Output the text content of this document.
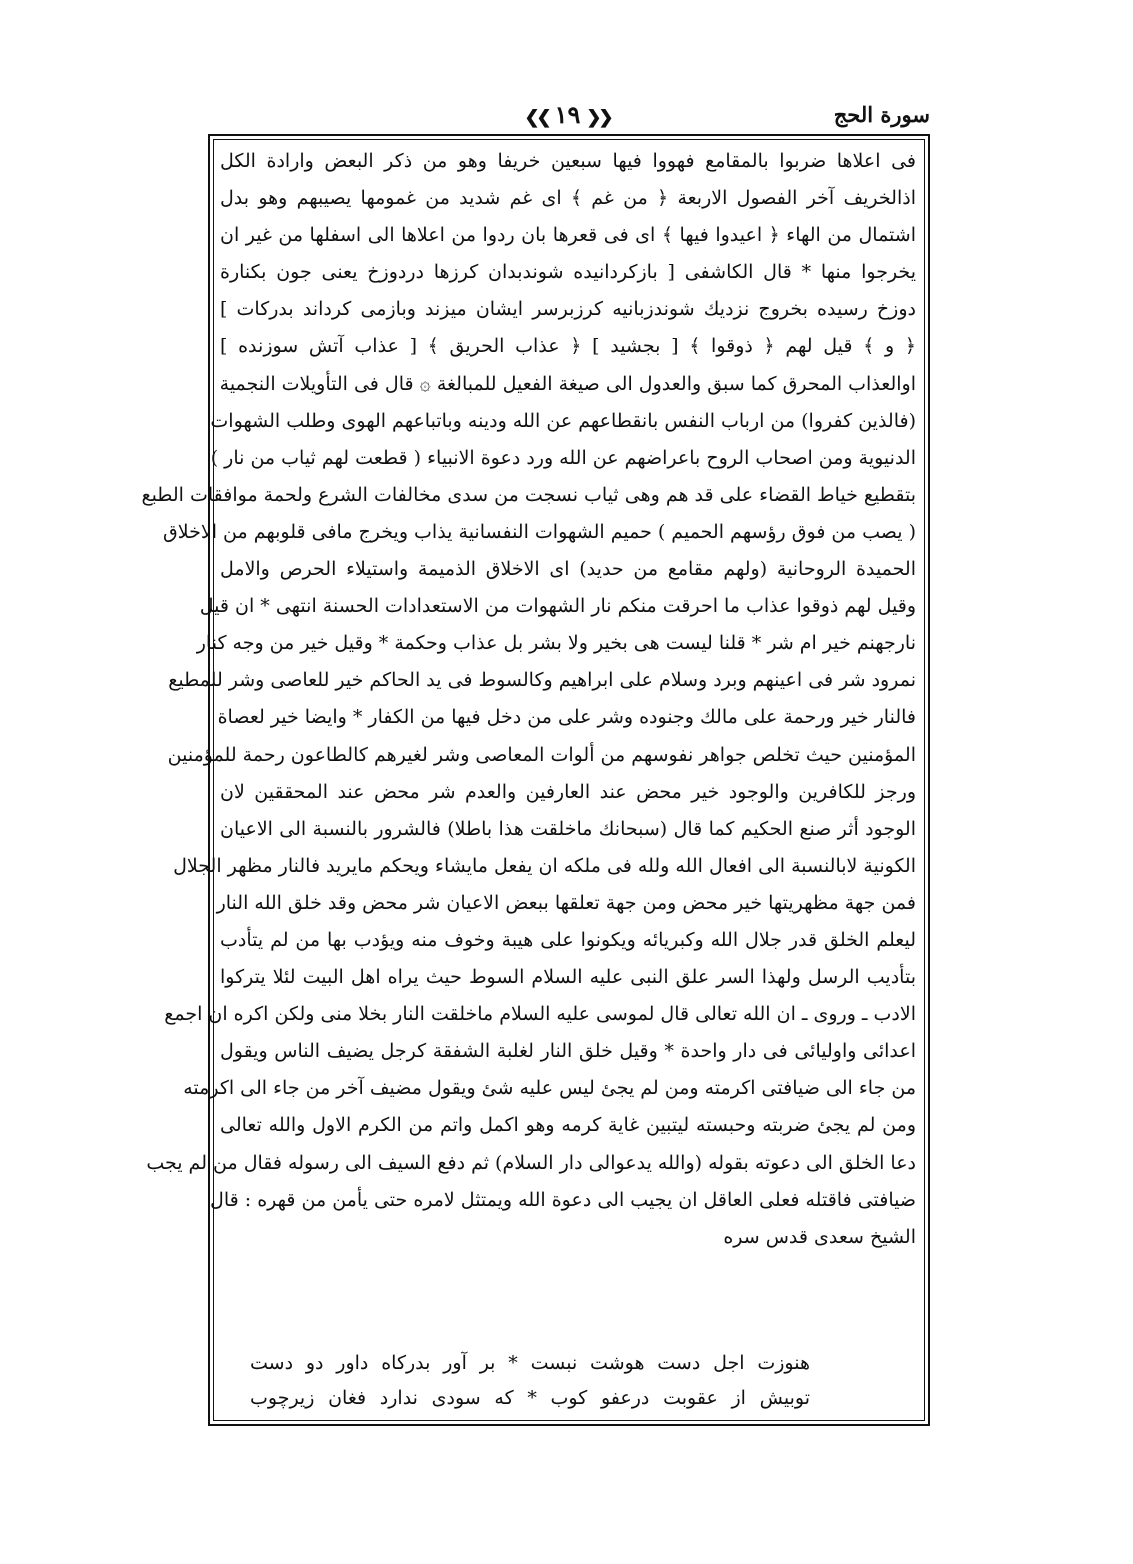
سورة الحج
❮❮ ١٩ ❯❯
فى اعلاها ضربوا بالمقامع فهووا فيها سبعين خريفا وهو من ذكر البعض وارادة الكل
اذالخريف آخر الفصول الاربعة ﴿ من غم ﴾ اى غم شديد من غمومها يصيبهم وهو بدل
اشتمال من الهاء ﴿ اعيدوا فيها ﴾ اى فى قعرها بان ردوا من اعلاها الى اسفلها من غير ان
يخرجوا منها * قال الكاشفى [ بازكردانيده شوندبدان كرزها دردوزخ يعنى جون بكنارة
دوزخ رسيده بخروج نزديك شوندزبانيه كرزبرسر ايشان ميزند وبازمى كرداند بدركات ]
﴿ و ﴾ قيل لهم ﴿ ذوقوا ﴾ [ بجشيد ] ﴿ عذاب الحريق ﴾ [ عذاب آتش سوزنده ]
اوالعذاب المحرق كما سبق والعدول الى صيغة الفعيل للمبالغة ۞ قال فى التأويلات النجمية
(فالذين كفروا) من ارباب النفس بانقطاعهم عن الله ودينه وباتباعهم الهوى وطلب الشهوات
الدنيوية ومن اصحاب الروح باعراضهم عن الله ورد دعوة الانبياء ( قطعت لهم ثياب من نار )
بتقطيع خياط القضاء على قد هم وهى ثياب نسجت من سدى مخالفات الشرع ولحمة موافقات الطبع
( يصب من فوق رؤسهم الحميم ) حميم الشهوات النفسانية يذاب ويخرج مافى قلوبهم من الاخلاق
الحميدة الروحانية (ولهم مقامع من حديد) اى الاخلاق الذميمة واستيلاء الحرص والامل
وقيل لهم ذوقوا عذاب ما احرقت منكم نار الشهوات من الاستعدادات الحسنة انتهى * ان قيل
نارجهنم خير ام شر * قلنا ليست هى بخير ولا بشر بل عذاب وحكمة * وقيل خير من وجه كنار
نمرود شر فى اعينهم وبرد وسلام على ابراهيم وكالسوط فى يد الحاكم خير للعاصى وشر للمطيع
فالنار خير ورحمة على مالك وجنوده وشر على من دخل فيها من الكفار * وايضا خير لعصاة
المؤمنين حيث تخلص جواهر نفوسهم من ألوات المعاصى وشر لغيرهم كالطاعون رحمة للمؤمنين
ورجز للكافرين والوجود خير محض عند العارفين والعدم شر محض عند المحققين لان
الوجود أثر صنع الحكيم كما قال (سبحانك ماخلقت هذا باطلا) فالشرور بالنسبة الى الاعيان
الكونية لابالنسبة الى افعال الله ولله فى ملكه ان يفعل مايشاء ويحكم مايريد فالنار مظهر الجلال
فمن جهة مظهريتها خير محض ومن جهة تعلقها ببعض الاعيان شر محض وقد خلق الله النار
ليعلم الخلق قدر جلال الله وكبريائه ويكونوا على هيبة وخوف منه ويؤدب بها من لم يتأدب
بتأديب الرسل ولهذا السر علق النبى عليه السلام السوط حيث يراه اهل البيت لئلا يتركوا
الادب ـ وروى ـ ان الله تعالى قال لموسى عليه السلام ماخلقت النار بخلا منى ولكن اكره ان اجمع
اعدائى واوليائى فى دار واحدة * وقيل خلق النار لغلبة الشفقة كرجل يضيف الناس ويقول
من جاء الى ضيافتى اكرمته ومن لم يجئ ليس عليه شئ ويقول مضيف آخر من جاء الى اكرمته
ومن لم يجئ ضربته وحبسته ليتبين غاية كرمه وهو اكمل واتم من الكرم الاول والله تعالى
دعا الخلق الى دعوته بقوله (والله يدعوالى دار السلام) ثم دفع السيف الى رسوله فقال من لم يجب
ضيافتى فاقتله فعلى العاقل ان يجيب الى دعوة الله ويمتثل لامره حتى يأمن من قهره : قال
الشيخ سعدى قدس سره
هنوزت اجل دست هوشت نبست * بر آور بدركاه داور دو دست
توبيش از عقوبت درعفو كوب * كه سودى ندارد فغان زيرچوب
